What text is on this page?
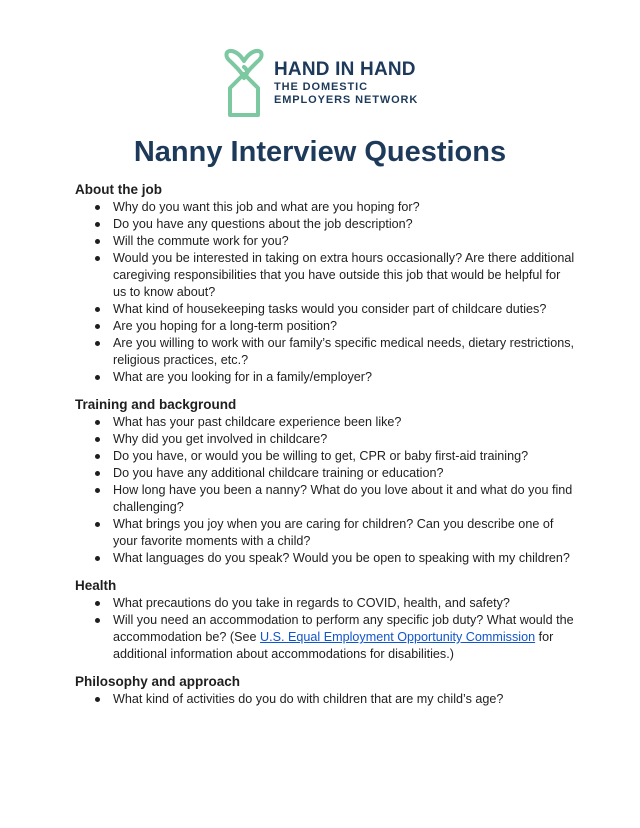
HAND IN HAND
THE DOMESTIC
EMPLOYERS NETWORK
Nanny Interview Questions
About the job
Why do you want this job and what are you hoping for?
Do you have any questions about the job description?
Will the commute work for you?
Would you be interested in taking on extra hours occasionally? Are there additional caregiving responsibilities that you have outside this job that would be helpful for us to know about?
What kind of housekeeping tasks would you consider part of childcare duties?
Are you hoping for a long-term position?
Are you willing to work with our family’s specific medical needs, dietary restrictions, religious practices, etc.?
What are you looking for in a family/employer?
Training and background
What has your past childcare experience been like?
Why did you get involved in childcare?
Do you have, or would you be willing to get, CPR or baby first-aid training?
Do you have any additional childcare training or education?
How long have you been a nanny? What do you love about it and what do you find challenging?
What brings you joy when you are caring for children? Can you describe one of your favorite moments with a child?
What languages do you speak? Would you be open to speaking with my children?
Health
What precautions do you take in regards to COVID, health, and safety?
Will you need an accommodation to perform any specific job duty? What would the accommodation be? (See U.S. Equal Employment Opportunity Commission for additional information about accommodations for disabilities.)
Philosophy and approach
What kind of activities do you do with children that are my child’s age?
